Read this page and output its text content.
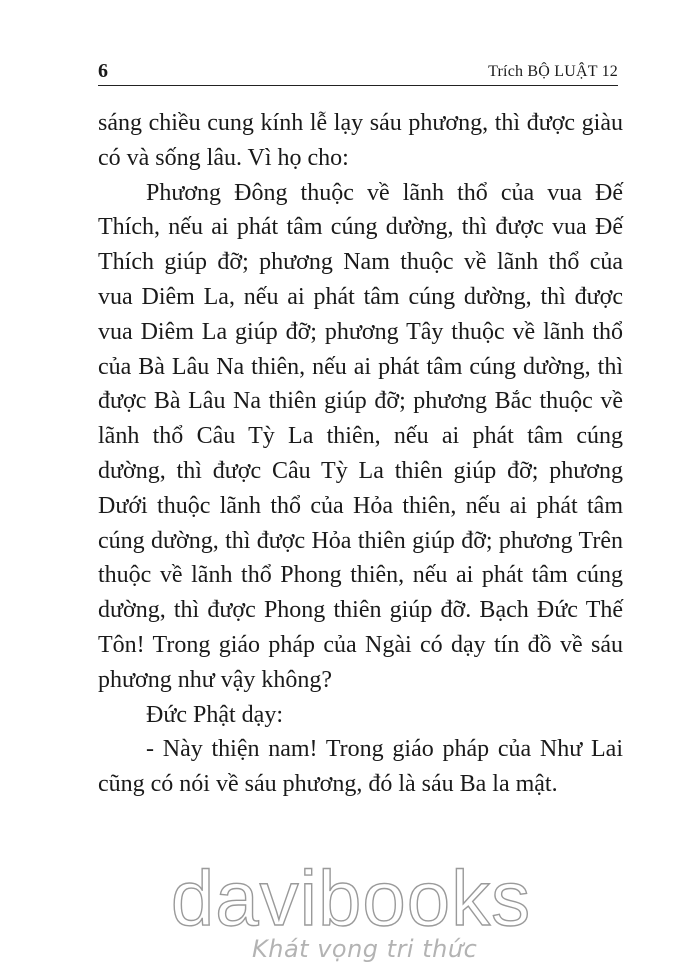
6	Trích BỘ LUẬT 12

sáng chiều cung kính lễ lạy sáu phương, thì được giàu có và sống lâu. Vì họ cho:

Phương Đông thuộc về lãnh thổ của vua Đế Thích, nếu ai phát tâm cúng dường, thì được vua Đế Thích giúp đỡ; phương Nam thuộc về lãnh thổ của vua Diêm La, nếu ai phát tâm cúng dường, thì được vua Diêm La giúp đỡ; phương Tây thuộc về lãnh thổ của Bà Lâu Na thiên, nếu ai phát tâm cúng dường, thì được Bà Lâu Na thiên giúp đỡ; phương Bắc thuộc về lãnh thổ Câu Tỳ La thiên, nếu ai phát tâm cúng dường, thì được Câu Tỳ La thiên giúp đỡ; phương Dưới thuộc lãnh thổ của Hỏa thiên, nếu ai phát tâm cúng dường, thì được Hỏa thiên giúp đỡ; phương Trên thuộc về lãnh thổ Phong thiên, nếu ai phát tâm cúng dường, thì được Phong thiên giúp đỡ. Bạch Đức Thế Tôn! Trong giáo pháp của Ngài có dạy tín đồ về sáu phương như vậy không?

Đức Phật dạy:

- Này thiện nam! Trong giáo pháp của Như Lai cũng có nói về sáu phương, đó là sáu Ba la mật.

davibooks
Khát vọng tri thức
